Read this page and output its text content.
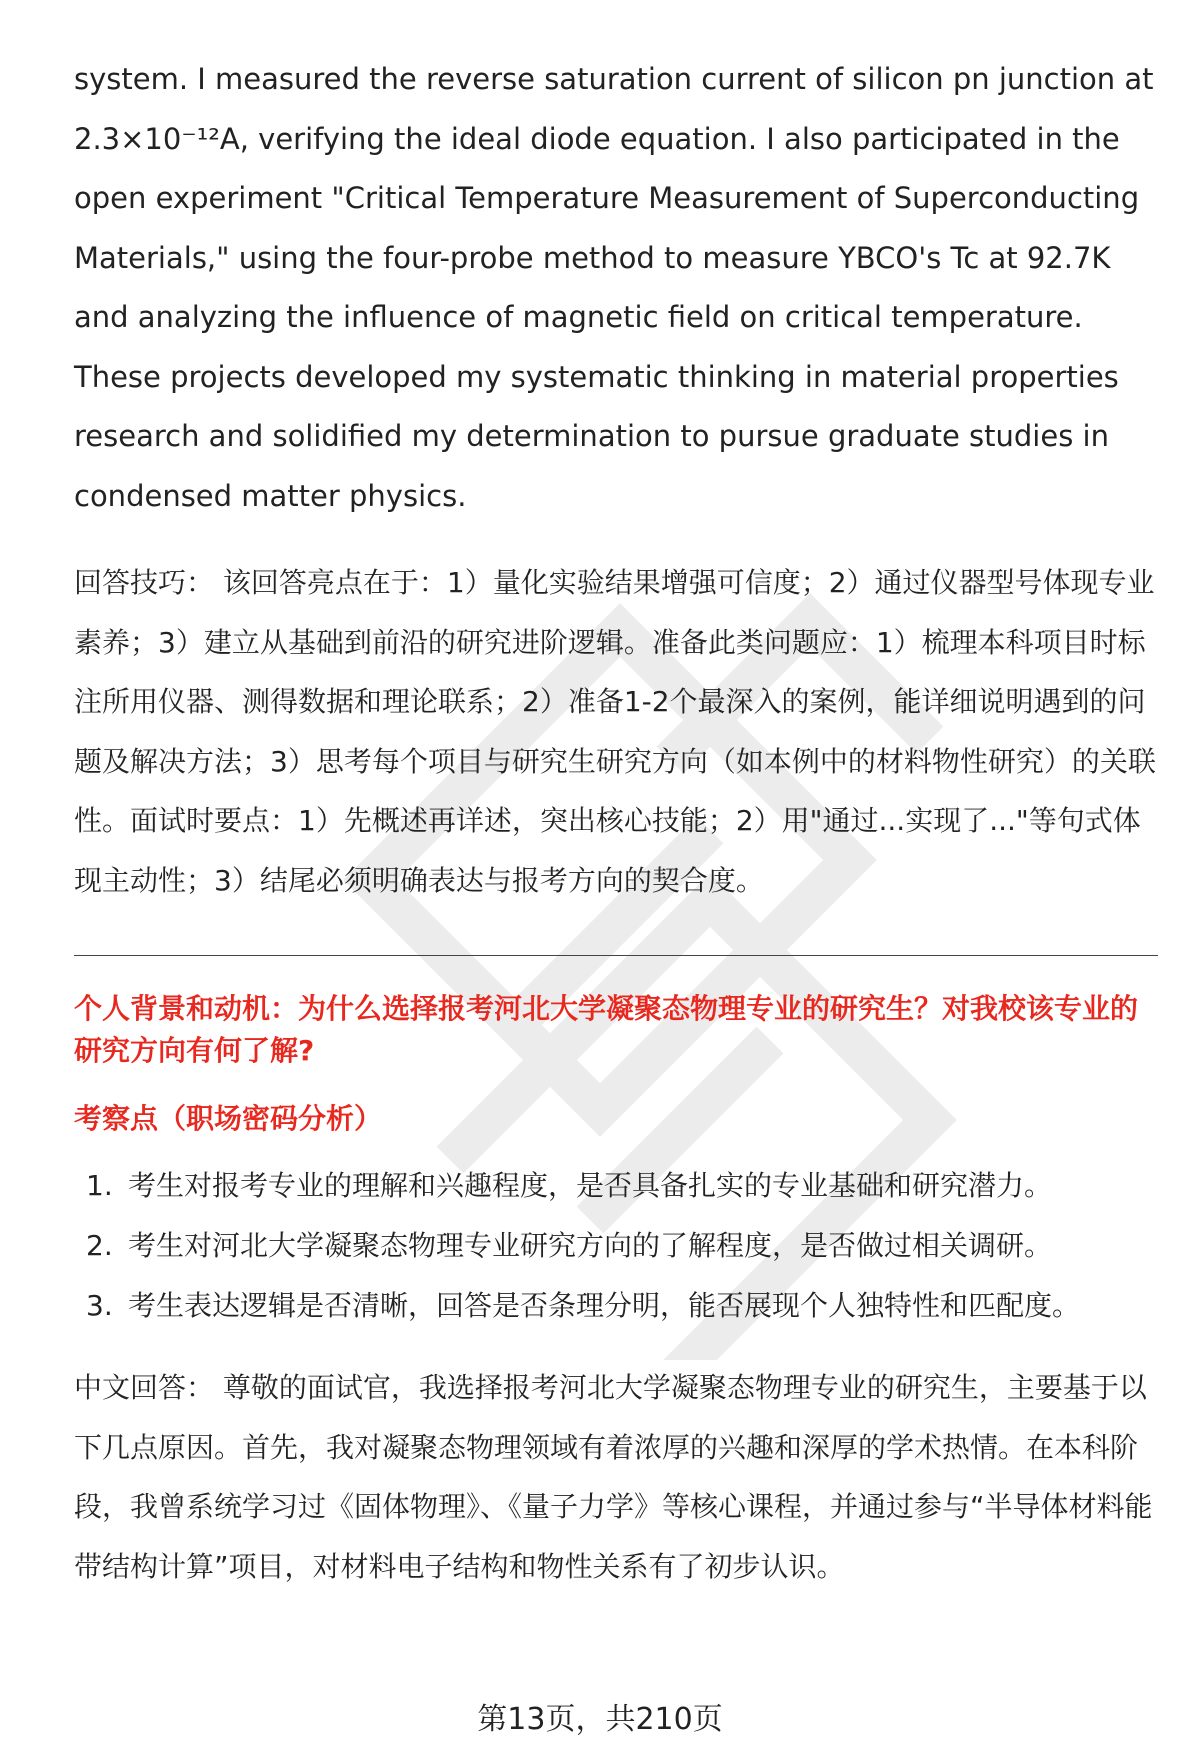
system. I measured the reverse saturation current of silicon pn junction at 2.3×10⁻¹²A, verifying the ideal diode equation. I also participated in the open experiment "Critical Temperature Measurement of Superconducting Materials," using the four-probe method to measure YBCO's Tc at 92.7K and analyzing the influence of magnetic field on critical temperature. These projects developed my systematic thinking in material properties research and solidified my determination to pursue graduate studies in condensed matter physics.

回答技巧： 该回答亮点在于：1）量化实验结果增强可信度；2）通过仪器型号体现专业素养；3）建立从基础到前沿的研究进阶逻辑。准备此类问题应：1）梳理本科项目时标注所用仪器、测得数据和理论联系；2）准备1-2个最深入的案例，能详细说明遇到的问题及解决方法；3）思考每个项目与研究生研究方向（如本例中的材料物性研究）的关联性。面试时要点：1）先概述再详述，突出核心技能；2）用"通过...实现了..."等句式体现主动性；3）结尾必须明确表达与报考方向的契合度。

个人背景和动机：为什么选择报考河北大学凝聚态物理专业的研究生？对我校该专业的研究方向有何了解?
考察点（职场密码分析）
1. 考生对报考专业的理解和兴趣程度，是否具备扎实的专业基础和研究潜力。
2. 考生对河北大学凝聚态物理专业研究方向的了解程度，是否做过相关调研。
3. 考生表达逻辑是否清晰，回答是否条理分明，能否展现个人独特性和匹配度。

中文回答： 尊敬的面试官，我选择报考河北大学凝聚态物理专业的研究生，主要基于以下几点原因。首先，我对凝聚态物理领域有着浓厚的兴趣和深厚的学术热情。在本科阶段，我曾系统学习过《固体物理》、《量子力学》等核心课程，并通过参与“半导体材料能带结构计算”项目，对材料电子结构和物性关系有了初步认识。

第13页，共210页
